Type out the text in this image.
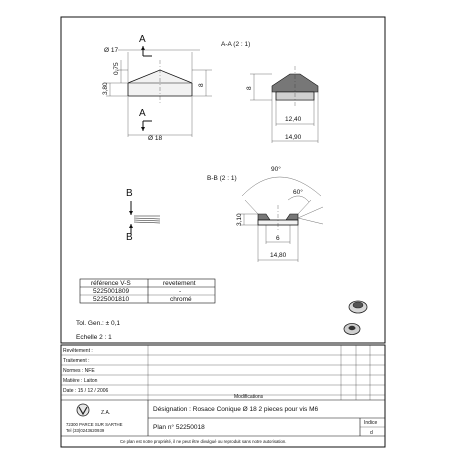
A
A
Ø 17
0,75
3,80	8
Ø 18
A-A (2 : 1)
8
12,40
14,90
B
B
B-B (2 : 1)
90°
60°
3,10
6
14,80
référence V-S	revetement
5225001809	-
5225001810	chromé
Tol. Gen.: ± 0,1
Echelle 2 : 1
Revêtement :
Traitement :
Normes : NFE
Matière : Laiton
Date : 15 / 12 / 2006
Modifications
Z.A.
72300 PARCE SUR SARTHE
Tel (33)0243620939
Désignation : Rosace Conique Ø 18 2 pieces pour vis M6
Plan n° 52250018
Indice
d
Ce plan est notre propriété, il ne peut être divulgué ou reproduit sans notre autorisation.
